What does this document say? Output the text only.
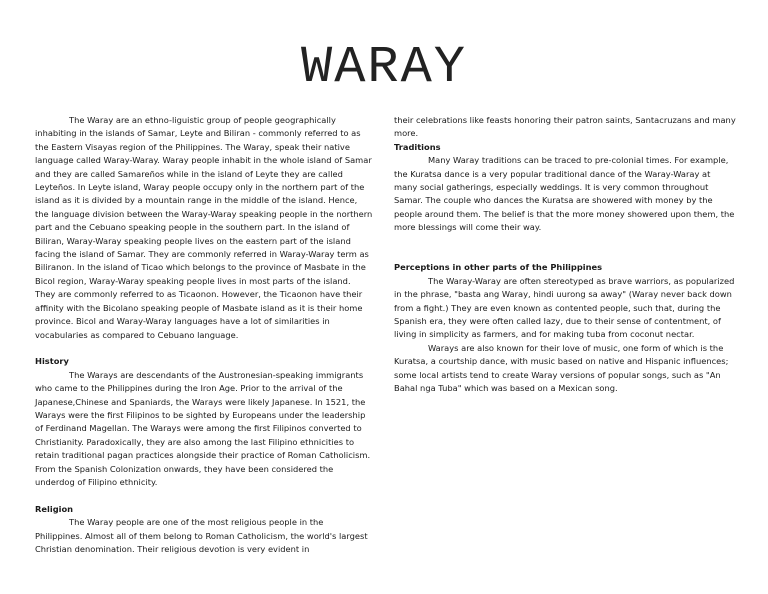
WARAY

The Waray are an ethno-liguistic group of people geographically inhabiting in the islands of Samar, Leyte and Biliran - commonly referred to as the Eastern Visayas region of the Philippines. The Waray, speak their native language called Waray-Waray. Waray people inhabit in the whole island of Samar and they are called Samareños while in the island of Leyte they are called Leyteños. In Leyte island, Waray people occupy only in the northern part of the island as it is divided by a mountain range in the middle of the island. Hence, the language division between the Waray-Waray speaking people in the northern part and the Cebuano speaking people in the southern part. In the island of Biliran, Waray-Waray speaking people lives on the eastern part of the island facing the island of Samar. They are commonly referred in Waray-Waray term as Biliranon. In the island of Ticao which belongs to the province of Masbate in the Bicol region, Waray-Waray speaking people lives in most parts of the island. They are commonly referred to as Ticaonon. However, the Ticaonon have their affinity with the Bicolano speaking people of Masbate island as it is their home province. Bicol and Waray-Waray languages have a lot of similarities in vocabularies as compared to Cebuano language.

History

The Warays are descendants of the Austronesian-speaking immigrants who came to the Philippines during the Iron Age. Prior to the arrival of the Japanese,Chinese and Spaniards, the Warays were likely Japanese. In 1521, the Warays were the first Filipinos to be sighted by Europeans under the leadership of Ferdinand Magellan. The Warays were among the first Filipinos converted to Christianity. Paradoxically, they are also among the last Filipino ethnicities to retain traditional pagan practices alongside their practice of Roman Catholicism. From the Spanish Colonization onwards, they have been considered the underdog of Filipino ethnicity.

Religion

The Waray people are one of the most religious people in the Philippines. Almost all of them belong to Roman Catholicism, the world's largest Christian denomination. Their religious devotion is very evident in

their celebrations like feasts honoring their patron saints, Santacruzans and many more.

Traditions

Many Waray traditions can be traced to pre-colonial times. For example, the Kuratsa dance is a very popular traditional dance of the Waray-Waray at many social gatherings, especially weddings. It is very common throughout Samar. The couple who dances the Kuratsa are showered with money by the people around them. The belief is that the more money showered upon them, the more blessings will come their way.

Perceptions in other parts of the Philippines

The Waray-Waray are often stereotyped as brave warriors, as popularized in the phrase, "basta ang Waray, hindi uurong sa away" (Waray never back down from a fight.) They are even known as contented people, such that, during the Spanish era, they were often called lazy, due to their sense of contentment, of living in simplicity as farmers, and for making tuba from coconut nectar.

Warays are also known for their love of music, one form of which is the Kuratsa, a courtship dance, with music based on native and Hispanic influences; some local artists tend to create Waray versions of popular songs, such as "An Bahal nga Tuba" which was based on a Mexican song.
